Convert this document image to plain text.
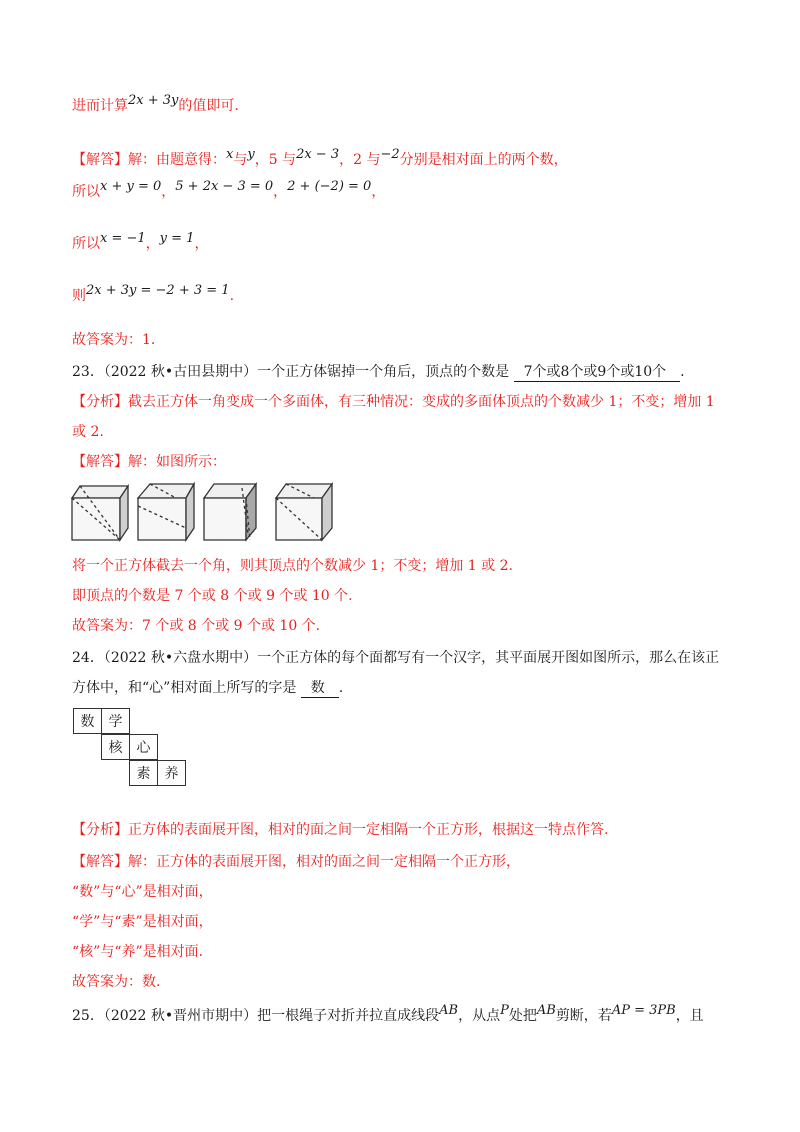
进而计算2x + 3y的值即可.
【解答】解：由题意得：x与y，5 与2x − 3，2 与−2分别是相对面上的两个数，
所以x + y = 0，5 + 2x − 3 = 0，2 + (−2) = 0，
所以x = −1，y = 1，
则2x + 3y = −2 + 3 = 1.
故答案为：1.
23．（2022 秋•古田县期中）一个正方体锯掉一个角后，顶点的个数是 7个或8个或9个或10个 .
【分析】截去正方体一角变成一个多面体，有三种情况：变成的多面体顶点的个数减少 1；不变；增加 1
或 2.
【解答】解：如图所示：
将一个正方体截去一个角，则其顶点的个数减少 1；不变；增加 1 或 2.
即顶点的个数是 7 个或 8 个或 9 个或 10 个.
故答案为：7 个或 8 个或 9 个或 10 个.
24．（2022 秋•六盘水期中）一个正方体的每个面都写有一个汉字，其平面展开图如图所示，那么在该正
方体中，和“心”相对面上所写的字是 数 .
数	学
核	心
素	养
【分析】正方体的表面展开图，相对的面之间一定相隔一个正方形，根据这一特点作答.
【解答】解：正方体的表面展开图，相对的面之间一定相隔一个正方形，
“数”与“心”是相对面，
“学”与“素”是相对面，
“核”与“养”是相对面.
故答案为：数.
25．（2022 秋•晋州市期中）把一根绳子对折并拉直成线段AB，从点P处把AB剪断，若AP = 3PB，且
